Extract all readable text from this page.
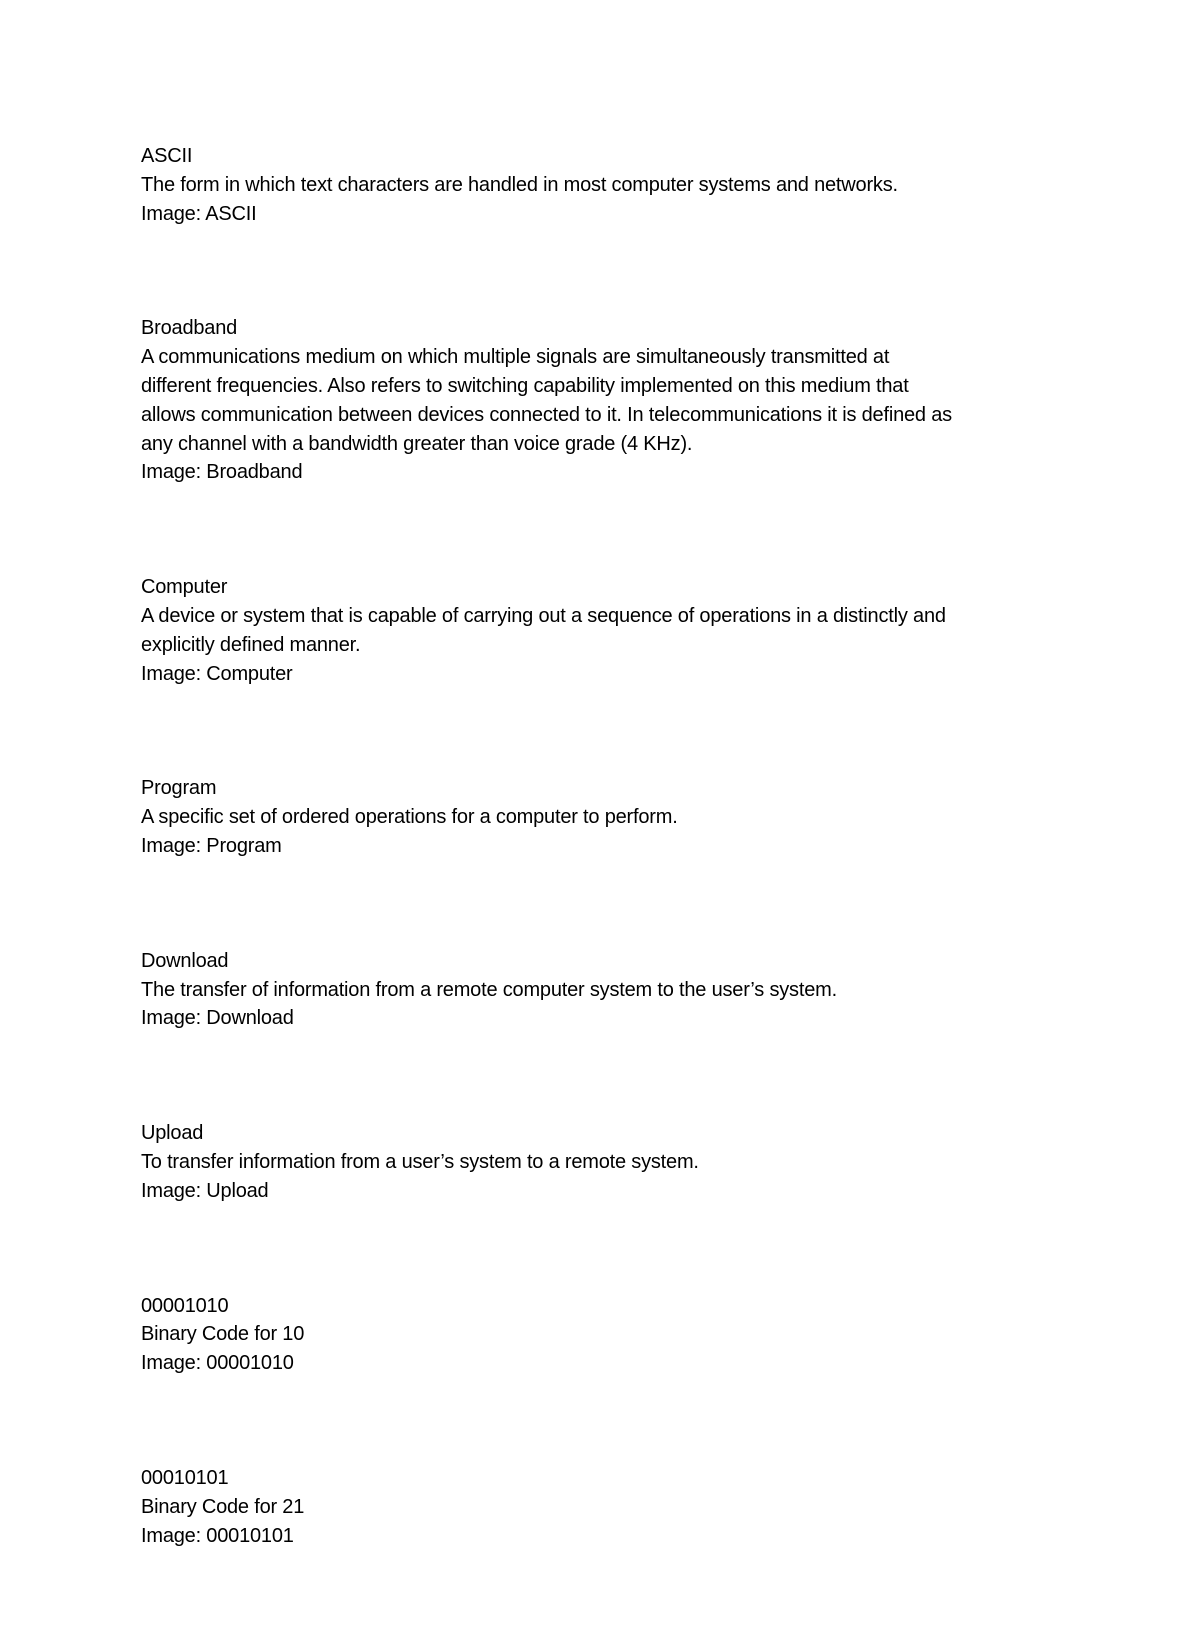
ASCII
The form in which text characters are handled in most computer systems and networks.
Image: ASCII
Broadband
A communications medium on which multiple signals are simultaneously transmitted at
different frequencies. Also refers to switching capability implemented on this medium that
allows communication between devices connected to it. In telecommunications it is defined as
any channel with a bandwidth greater than voice grade (4 KHz).
Image: Broadband
Computer
A device or system that is capable of carrying out a sequence of operations in a distinctly and
explicitly defined manner.
Image: Computer
Program
A specific set of ordered operations for a computer to perform.
Image: Program
Download
The transfer of information from a remote computer system to the user’s system.
Image: Download
Upload
To transfer information from a user’s system to a remote system.
Image: Upload
00001010
Binary Code for 10
Image: 00001010
00010101
Binary Code for 21
Image: 00010101
